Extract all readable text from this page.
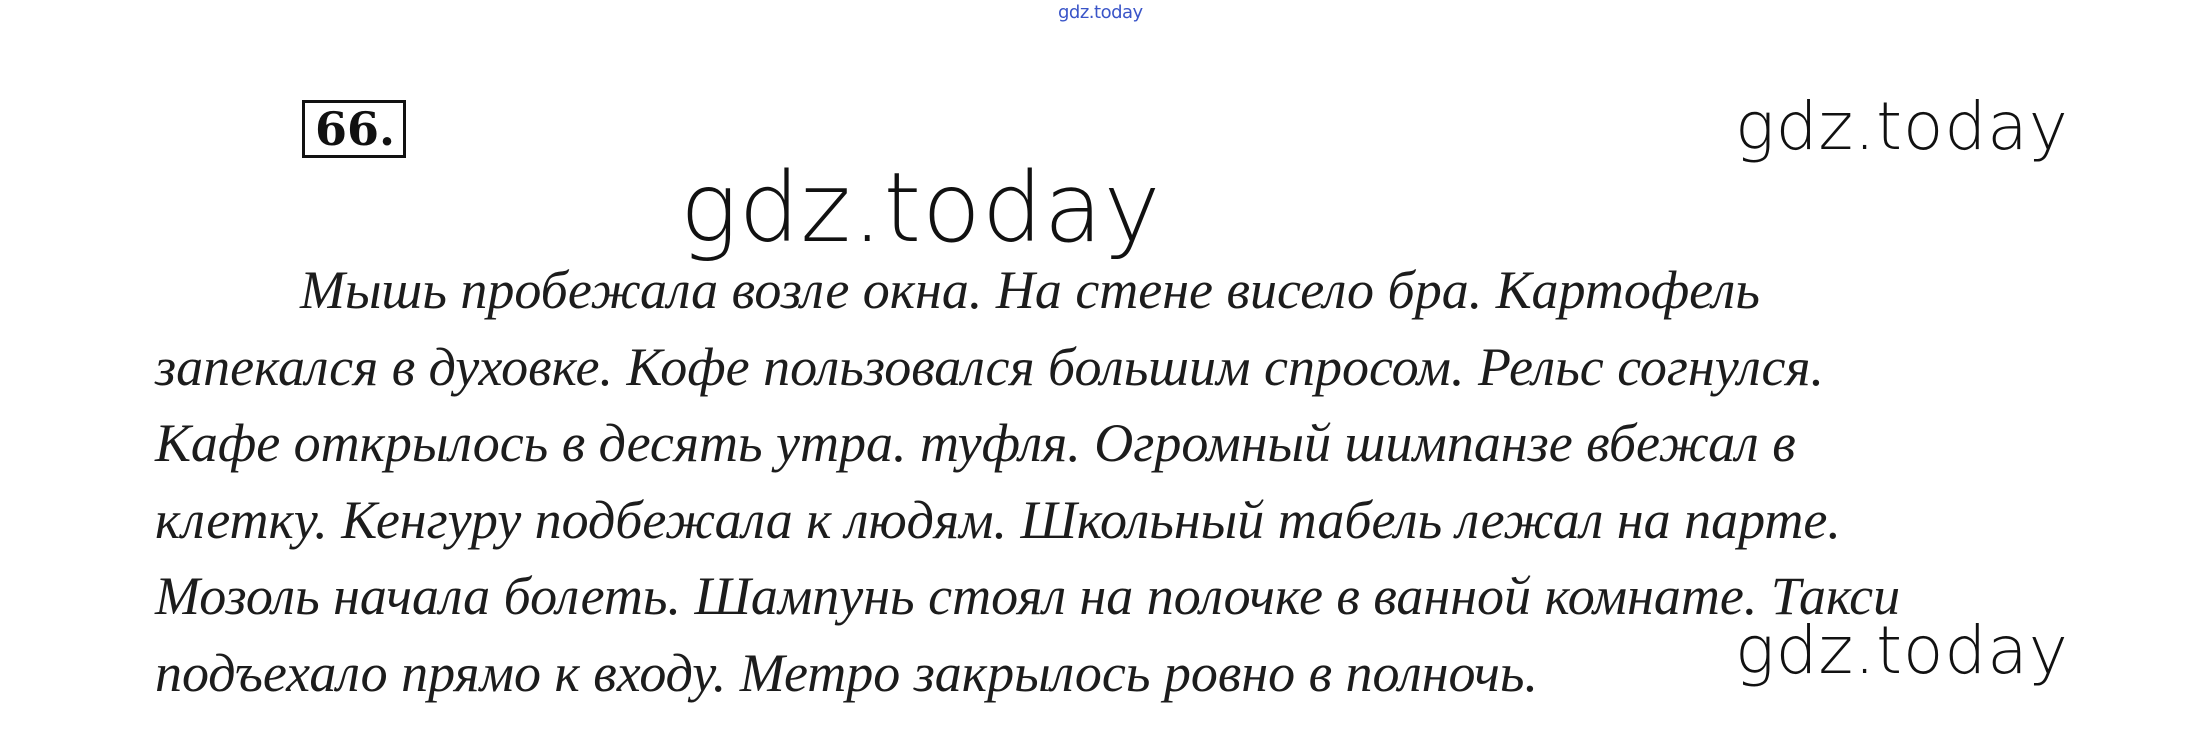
gdz.today
66.	gdz.today
gdz.today
gdz.today
Мышь пробежала возле окна. На стене висело бра. Картофель
запекался в духовке. Кофе пользовался большим спросом. Рельс согнулся.
Кафе открылось в десять утра. туфля. Огромный шимпанзе вбежал в
клетку. Кенгуру подбежала к людям. Школьный табель лежал на парте.
Мозоль начала болеть. Шампунь стоял на полочке в ванной комнате. Такси
подъехало прямо к входу. Метро закрылось ровно в полночь.
